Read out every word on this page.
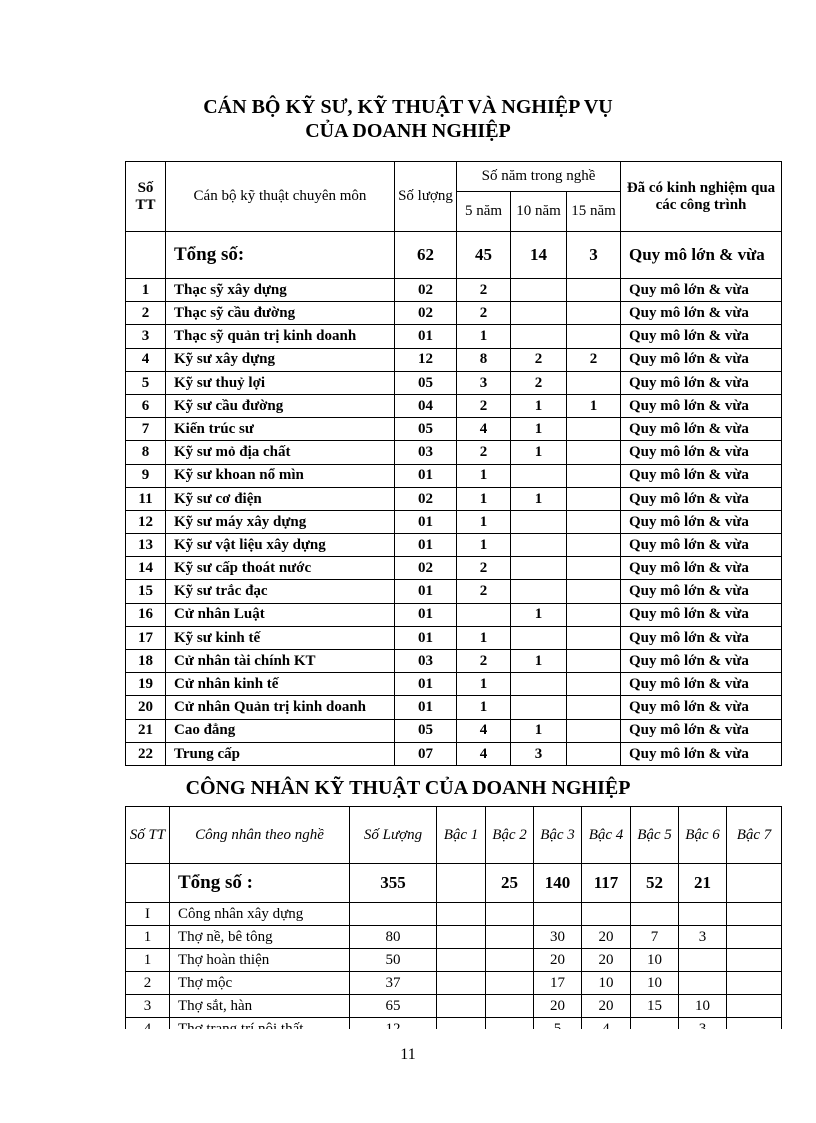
CÁN BỘ KỸ SƯ, KỸ THUẬT VÀ NGHIỆP VỤ

CỦA DOANH NGHIỆP

Số TT	Cán bộ kỹ thuật chuyên môn	Số lượng	Số năm trong nghề			Đã có kinh nghiệm qua các công trình
			5 năm	10 năm	15 năm	
	Tổng số:	62	45	14	3	Quy mô lớn & vừa
1	Thạc sỹ xây dựng	02	2			Quy mô lớn & vừa
2	Thạc sỹ cầu đường	02	2			Quy mô lớn & vừa
3	Thạc sỹ quản trị kinh doanh	01	1			Quy mô lớn & vừa
4	Kỹ sư xây dựng	12	8	2	2	Quy mô lớn & vừa
5	Kỹ sư thuỷ lợi	05	3	2		Quy mô lớn & vừa
6	Kỹ sư cầu đường	04	2	1	1	Quy mô lớn & vừa
7	Kiến trúc sư	05	4	1		Quy mô lớn & vừa
8	Kỹ sư mỏ địa chất	03	2	1		Quy mô lớn & vừa
9	Kỹ sư khoan nổ mìn	01	1			Quy mô lớn & vừa
11	Kỹ sư cơ điện	02	1	1		Quy mô lớn & vừa
12	Kỹ sư máy xây dựng	01	1			Quy mô lớn & vừa
13	Kỹ sư vật liệu xây dựng	01	1			Quy mô lớn & vừa
14	Kỹ sư cấp thoát nước	02	2			Quy mô lớn & vừa
15	Kỹ sư trắc đạc	01	2			Quy mô lớn & vừa
16	Cử nhân Luật	01		1		Quy mô lớn & vừa
17	Kỹ sư kinh tế	01	1			Quy mô lớn & vừa
18	Cử nhân tài chính KT	03	2	1		Quy mô lớn & vừa
19	Cử nhân kinh tế	01	1			Quy mô lớn & vừa
20	Cử nhân Quản trị kinh doanh	01	1			Quy mô lớn & vừa
21	Cao đẳng	05	4	1		Quy mô lớn & vừa
22	Trung cấp	07	4	3		Quy mô lớn & vừa

CÔNG NHÂN KỸ THUẬT CỦA DOANH NGHIỆP

Số TT	Công nhân theo nghề	Số Lượng	Bậc 1	Bậc 2	Bậc 3	Bậc 4	Bậc 5	Bậc 6	Bậc 7
	Tổng số :	355		25	140	117	52	21	
I	Công nhân xây dựng								
1	Thợ nề, bê tông	80			30	20	7	3	
1	Thợ hoàn thiện	50			20	20	10		
2	Thợ mộc	37			17	10	10		
3	Thợ sắt, hàn	65			20	20	15	10	

11
